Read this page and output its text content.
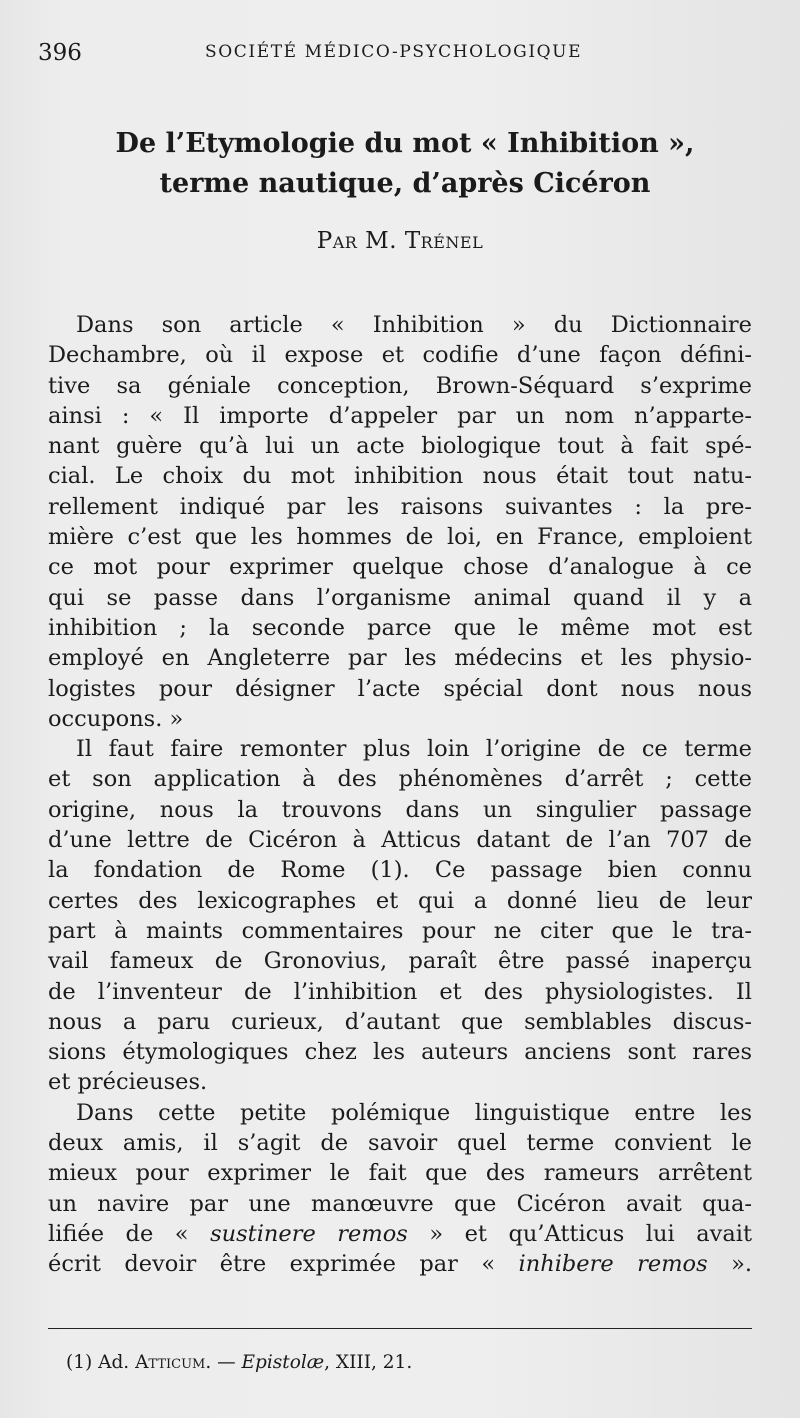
396	SOCIÉTÉ MÉDICO-PSYCHOLOGIQUE
De l’Etymologie du mot « Inhibition »,
terme nautique, d’après Cicéron
Par M. Trénel
Dans son article « Inhibition » du Dictionnaire
Dechambre, où il expose et codifie d’une façon défini-
tive sa géniale conception, Brown-Séquard s’exprime
ainsi : « Il importe d’appeler par un nom n’apparte-
nant guère qu’à lui un acte biologique tout à fait spé-
cial. Le choix du mot inhibition nous était tout natu-
rellement indiqué par les raisons suivantes : la pre-
mière c’est que les hommes de loi, en France, emploient
ce mot pour exprimer quelque chose d’analogue à ce
qui se passe dans l’organisme animal quand il y a
inhibition ; la seconde parce que le même mot est
employé en Angleterre par les médecins et les physio-
logistes pour désigner l’acte spécial dont nous nous
occupons. »
Il faut faire remonter plus loin l’origine de ce terme
et son application à des phénomènes d’arrêt ; cette
origine, nous la trouvons dans un singulier passage
d’une lettre de Cicéron à Atticus datant de l’an 707 de
la fondation de Rome (1). Ce passage bien connu
certes des lexicographes et qui a donné lieu de leur
part à maints commentaires pour ne citer que le tra-
vail fameux de Gronovius, paraît être passé inaperçu
de l’inventeur de l’inhibition et des physiologistes. Il
nous a paru curieux, d’autant que semblables discus-
sions étymologiques chez les auteurs anciens sont rares
et précieuses.
Dans cette petite polémique linguistique entre les
deux amis, il s’agit de savoir quel terme convient le
mieux pour exprimer le fait que des rameurs arrêtent
un navire par une manœuvre que Cicéron avait qua-
lifiée de « sustinere remos » et qu’Atticus lui avait
écrit devoir être exprimée par « inhibere remos ».
(1) Ad. Atticum. — Epistolæ, XIII, 21.
